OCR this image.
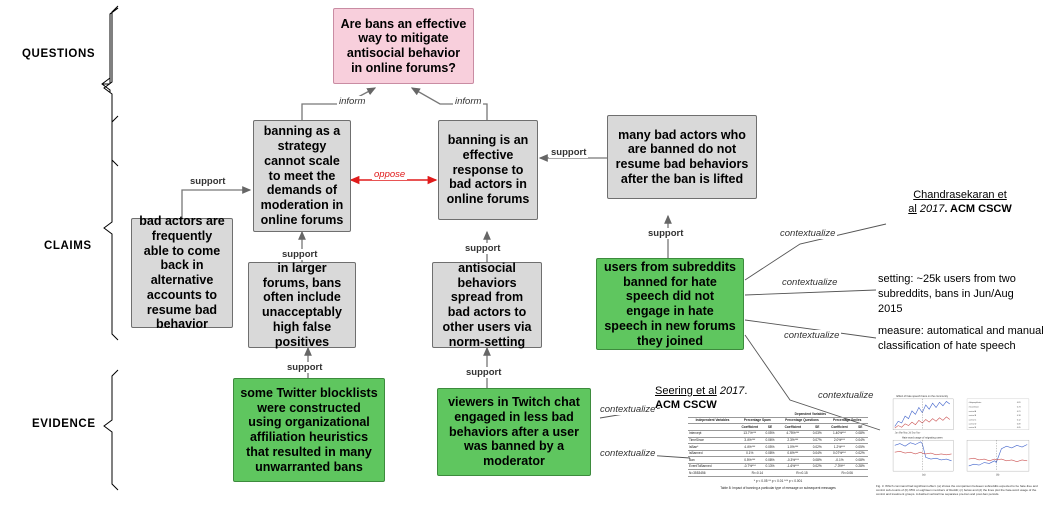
QUESTIONS
CLAIMS
EVIDENCE
Are bans an effective way to mitigate antisocial behavior in online forums?
banning as a strategy cannot scale to meet the demands of moderation in online forums
banning is an effective response to bad actors in online forums
many bad actors who are banned do not resume bad behaviors after the ban is lifted
bad actors are frequently able to come back in alternative accounts to resume bad behavior
in larger forums, bans often include unacceptably high false positives
antisocial behaviors spread from bad actors to other users via norm-setting
users from subreddits banned for hate speech did not engage in hate speech in new forums they joined
some Twitter blocklists were constructed using organizational affiliation heuristics that resulted in many unwarranted bans
viewers in Twitch chat engaged in less bad behaviors after a user was banned by a moderator
inform	inform
oppose
support
support
support
support
support
support	support
contextualize
contextualize
contextualize
contextualize
contextualize
contextualize
Chandrasekaran et
al 2017. ACM CSCW
setting: ~25k users from two subreddits, bans in Jun/Aug 2015
measure: automatical and manual classification of hate speech
Seering et al 2017.
ACM CSCW
Dependent Variables
Independent Variables	Percentage Spam		Percentage Questions		Percentage Smiles	
	Coefficient	SE	Coefficient	SE	Coefficient	SE
Intercept	13.7%***	0.05%	4.75%***	0.03%	1.40%***	0.08%
TimeSince	3.4%***	0.06%	2.3%***	0.07%	2.0%***	0.04%
IsBan*	4.4%***	0.05%	1.0%***	0.02%	1.2%***	0.05%
IsBanned	0.1%	0.08%	0.6%***	0.04%	0.07%***	0.02%
Ban	0.5%***	0.08%	-0.3%***	0.08%	-0.1%	0.08%
EventToBanned	-0.7%***	0.13%	-1.6%***	0.02%	-7.3%**	0.28%
N=3553456	R²=0.14		R²=0.15		R²=0.06	
* p < 0.05 ** p < 0.01 *** p < 0.001
Table 8: Impact of banning a particular type of message on subsequent messages
Effect of hate speech bans on the community
Jan Mar May Jul Sep Nov
r/fatpeoplehate	0.81
r/CoonTown	0.74
control A	0.21
control B	0.18
control C	0.12
control D	0.09
control E	0.05
Hate word usage of migrating users
(a)	(b)
Fig. 3. Which command had significant effect. (a) shows the comparison between subreddits expected to be hate-free and control sub-counts of (b) 95% on eighteen members of Reddit; (c) below and (d) the lines plot the hate-word usage of the control and treatment groups. A dashed vertical line separates pre-ban and post-ban periods.
